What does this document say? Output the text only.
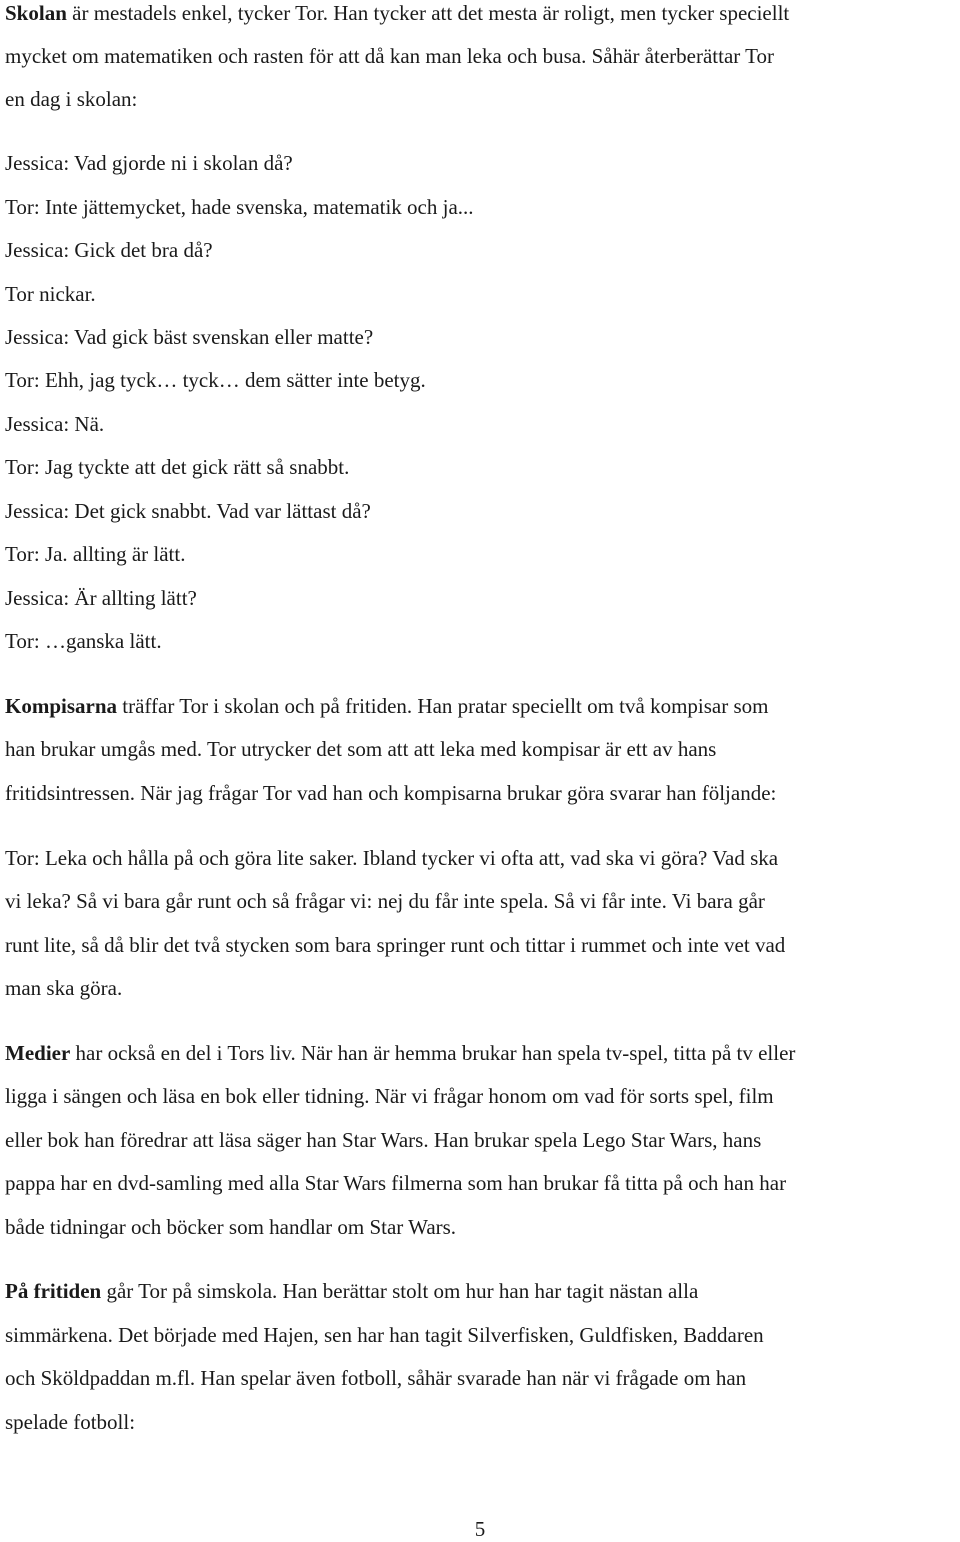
Skolan är mestadels enkel, tycker Tor. Han tycker att det mesta är roligt, men tycker speciellt
mycket om matematiken och rasten för att då kan man leka och busa. Såhär återberättar Tor
en dag i skolan:
Jessica: Vad gjorde ni i skolan då?
Tor: Inte jättemycket, hade svenska, matematik och ja...
Jessica: Gick det bra då?
Tor nickar.
Jessica: Vad gick bäst svenskan eller matte?
Tor: Ehh, jag tyck… tyck… dem sätter inte betyg.
Jessica: Nä.
Tor: Jag tyckte att det gick rätt så snabbt.
Jessica: Det gick snabbt. Vad var lättast då?
Tor: Ja. allting är lätt.
Jessica: Är allting lätt?
Tor: …ganska lätt.
Kompisarna träffar Tor i skolan och på fritiden. Han pratar speciellt om två kompisar som
han brukar umgås med. Tor utrycker det som att att leka med kompisar är ett av hans
fritidsintressen. När jag frågar Tor vad han och kompisarna brukar göra svarar han följande:
Tor: Leka och hålla på och göra lite saker. Ibland tycker vi ofta att, vad ska vi göra? Vad ska
vi leka? Så vi bara går runt och så frågar vi: nej du får inte spela. Så vi får inte. Vi bara går
runt lite, så då blir det två stycken som bara springer runt och tittar i rummet och inte vet vad
man ska göra.
Medier har också en del i Tors liv. När han är hemma brukar han spela tv-spel, titta på tv eller
ligga i sängen och läsa en bok eller tidning. När vi frågar honom om vad för sorts spel, film
eller bok han föredrar att läsa säger han Star Wars. Han brukar spela Lego Star Wars, hans
pappa har en dvd-samling med alla Star Wars filmerna som han brukar få titta på och han har
både tidningar och böcker som handlar om Star Wars.
På fritiden går Tor på simskola. Han berättar stolt om hur han har tagit nästan alla
simmärkena. Det började med Hajen, sen har han tagit Silverfisken, Guldfisken, Baddaren
och Sköldpaddan m.fl. Han spelar även fotboll, såhär svarade han när vi frågade om han
spelade fotboll:
5
